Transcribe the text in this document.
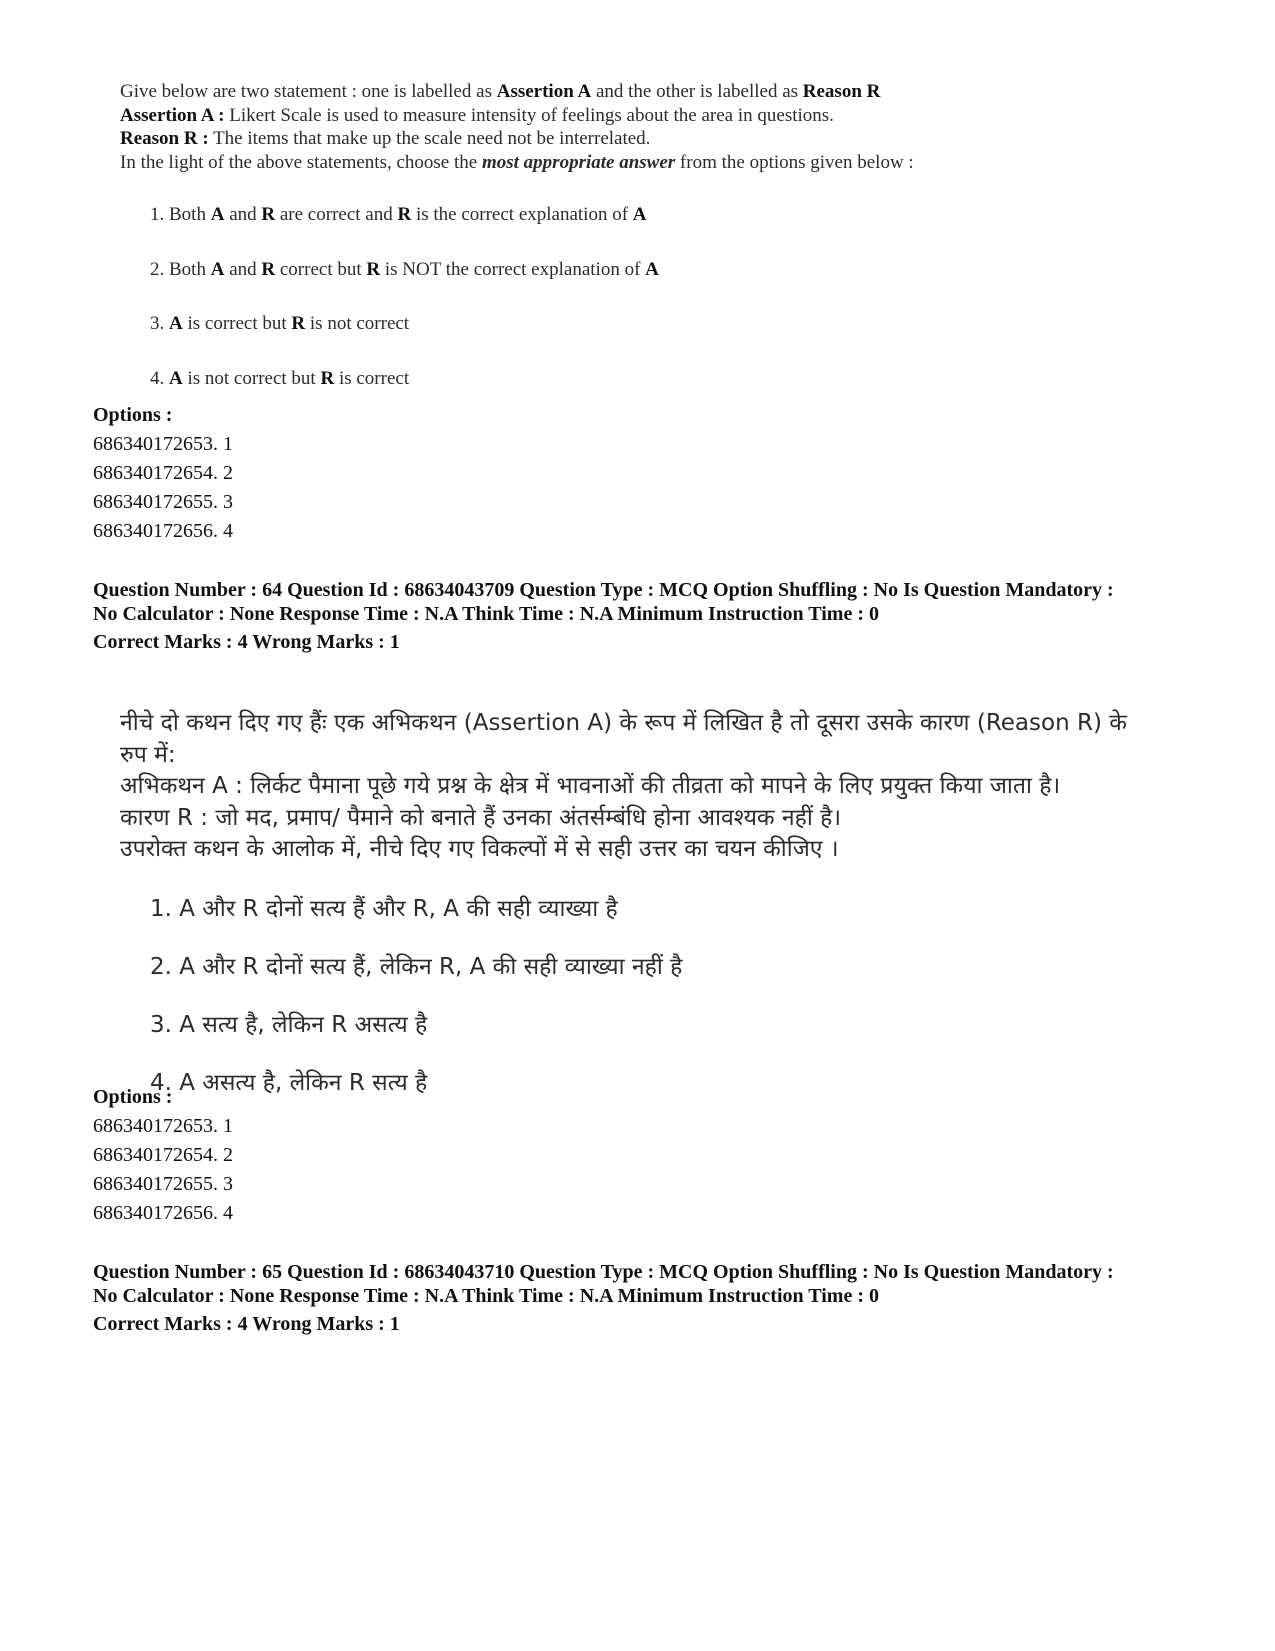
Give below are two statement : one is labelled as Assertion A and the other is labelled as Reason R
Assertion A : Likert Scale is used to measure intensity of feelings about the area in questions.
Reason R : The items that make up the scale need not be interrelated.
In the light of the above statements, choose the most appropriate answer from the options given below :
1. Both A and R are correct and R is the correct explanation of A
2. Both A and R correct but R is NOT the correct explanation of A
3. A is correct but R is not correct
4. A is not correct but R is correct
Options :
686340172653. 1
686340172654. 2
686340172655. 3
686340172656. 4
Question Number : 64 Question Id : 68634043709 Question Type : MCQ Option Shuffling : No Is Question Mandatory :
No Calculator : None Response Time : N.A Think Time : N.A Minimum Instruction Time : 0
Correct Marks : 4 Wrong Marks : 1
नीचे दो कथन दिए गए हैंः एक अभिकथन (Assertion A) के रूप में लिखित है तो दूसरा उसके कारण (Reason R) के
रुप में:
अभिकथन A : लिर्कट पैमाना पूछे गये प्रश्न के क्षेत्र में भावनाओं की तीव्रता को मापने के लिए प्रयुक्त किया जाता है।
कारण R : जो मद, प्रमाप/ पैमाने को बनाते हैं उनका अंतर्सम्बंधि होना आवश्यक नहीं है।
उपरोक्त कथन के आलोक में, नीचे दिए गए विकल्पों में से सही उत्तर का चयन कीजिए ।
1. A और R दोनों सत्य हैं और R, A की सही व्याख्या है
2. A और R दोनों सत्य हैं, लेकिन R, A की सही व्याख्या नहीं है
3. A सत्य है, लेकिन R असत्य है
4. A असत्य है, लेकिन R सत्य है
Options :
686340172653. 1
686340172654. 2
686340172655. 3
686340172656. 4
Question Number : 65 Question Id : 68634043710 Question Type : MCQ Option Shuffling : No Is Question Mandatory :
No Calculator : None Response Time : N.A Think Time : N.A Minimum Instruction Time : 0
Correct Marks : 4 Wrong Marks : 1
